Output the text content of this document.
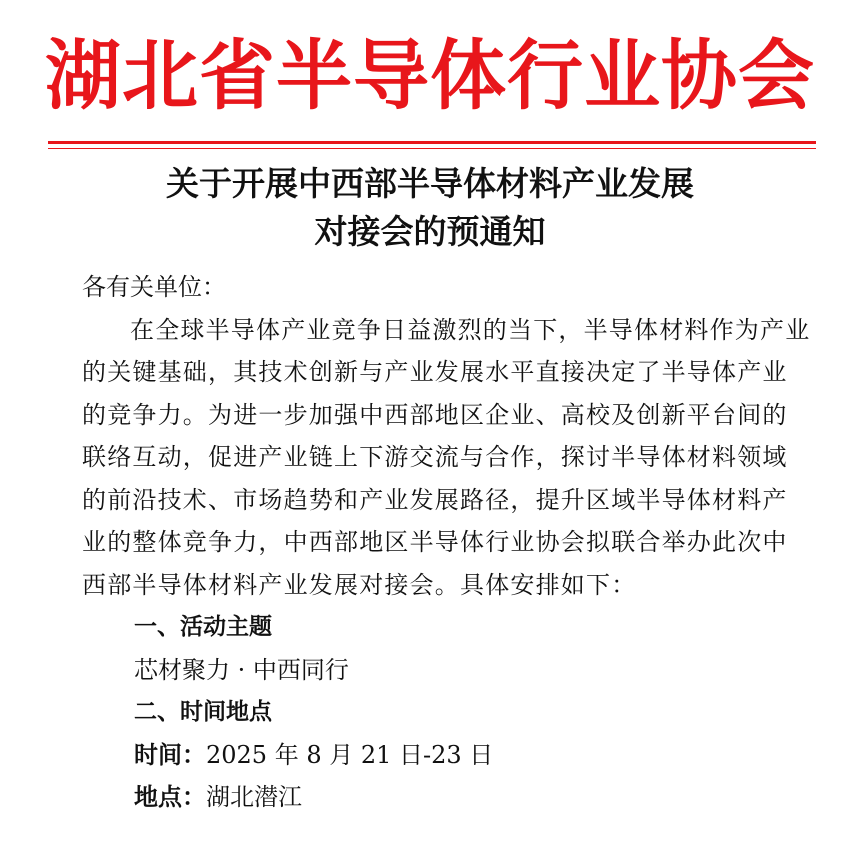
湖北省半导体行业协会
关于开展中西部半导体材料产业发展
对接会的预通知

各有关单位：

在全球半导体产业竞争日益激烈的当下，半导体材料作为产业的关键基础，其技术创新与产业发展水平直接决定了半导体产业的竞争力。为进一步加强中西部地区企业、高校及创新平台间的联络互动，促进产业链上下游交流与合作，探讨半导体材料领域的前沿技术、市场趋势和产业发展路径，提升区域半导体材料产业的整体竞争力，中西部地区半导体行业协会拟联合举办此次中西部半导体材料产业发展对接会。具体安排如下：

一、活动主题

芯材聚力 · 中西同行

二、时间地点

时间：2025 年 8 月 21 日-23 日

地点：湖北潜江
